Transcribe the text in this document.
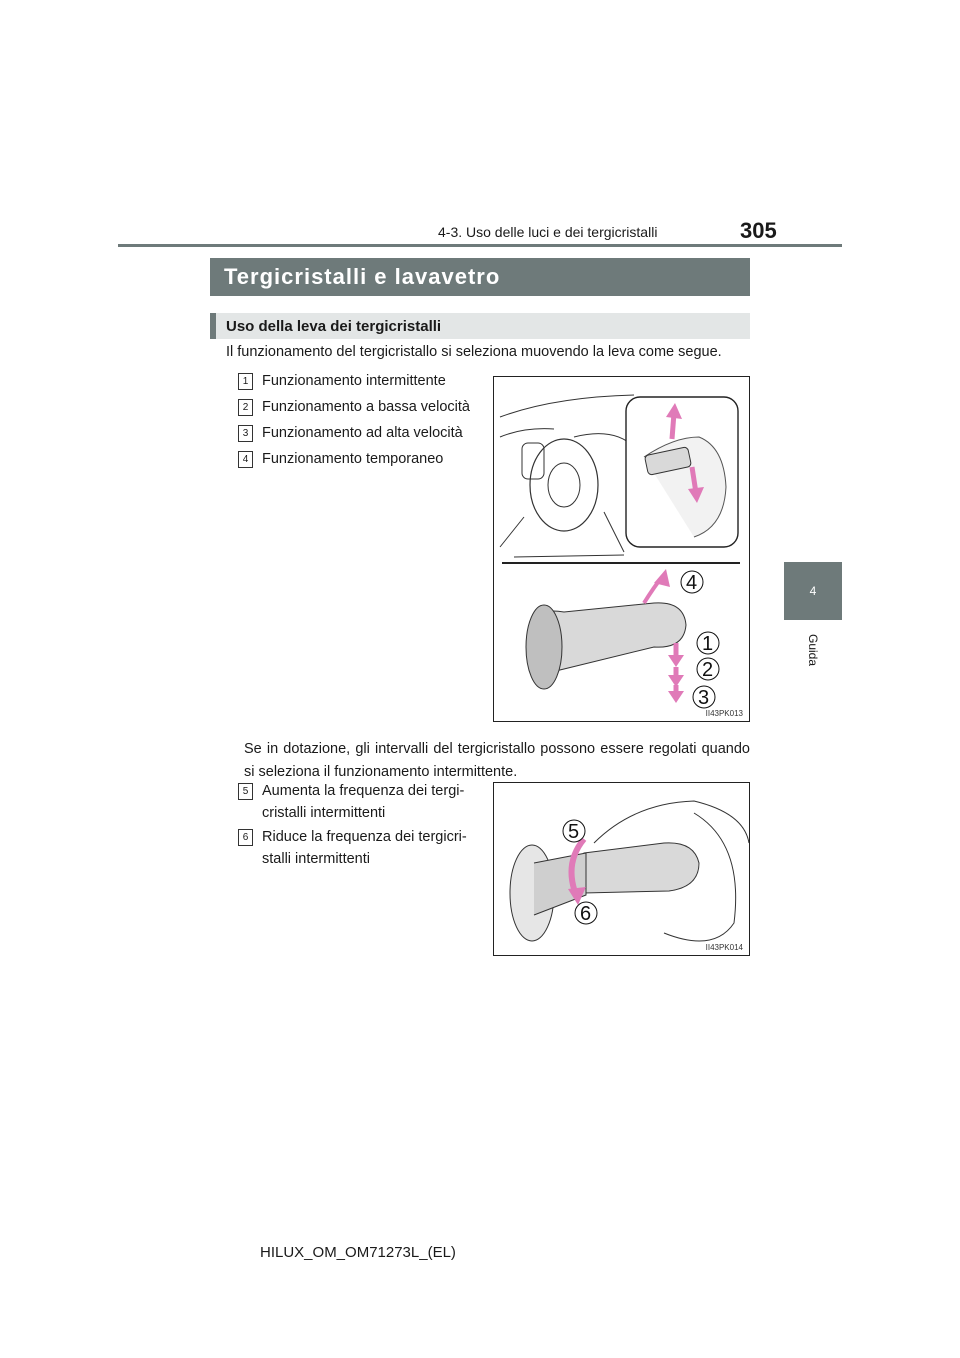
4-3. Uso delle luci e dei tergicristalli	305
4
Guida
Tergicristalli e lavavetro
Uso della leva dei tergicristalli
Il funzionamento del tergicristallo si seleziona muovendo la leva come segue.
1 Funzionamento intermittente
2 Funzionamento a bassa velocità
3 Funzionamento ad alta velocità
4 Funzionamento temporaneo
4
1
2
3
II43PK013
Se in dotazione, gli intervalli del tergicristallo possono essere regolati quando si seleziona il funzionamento intermittente.
5 Aumenta la frequenza dei tergi-cristalli intermittenti
6 Riduce la frequenza dei tergicri-stalli intermittenti
5
6
II43PK014
HILUX_OM_OM71273L_(EL)
